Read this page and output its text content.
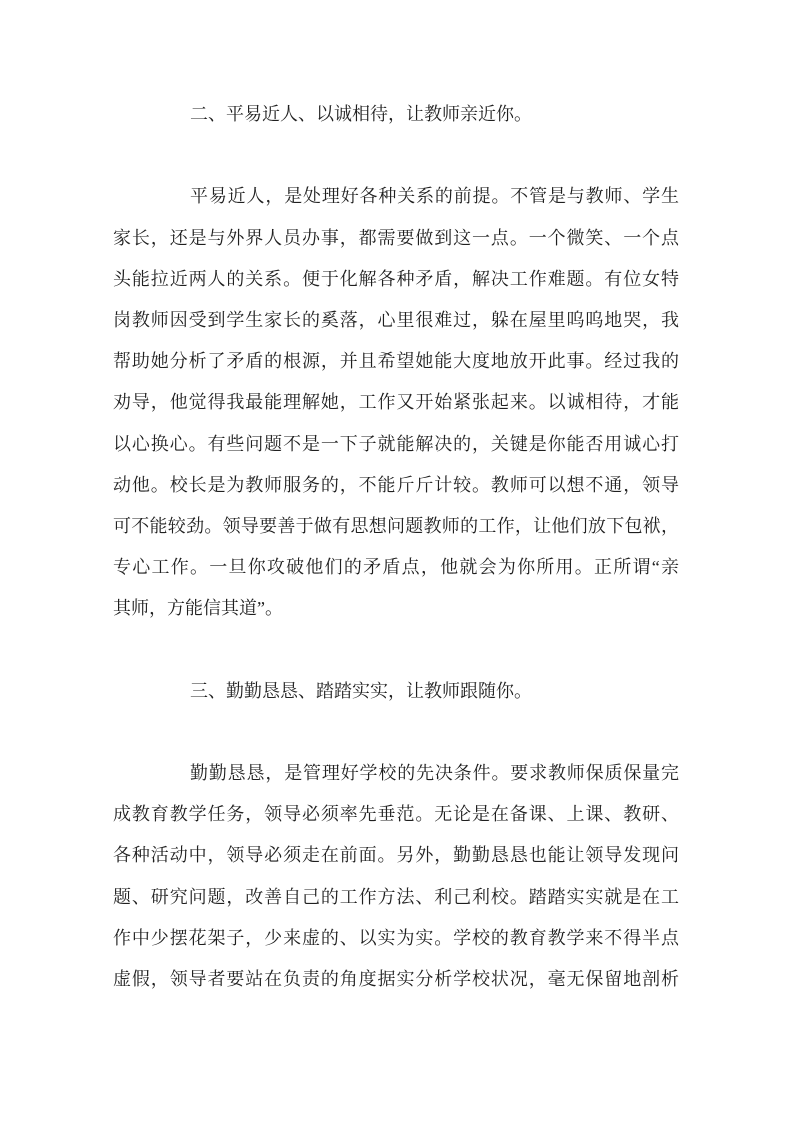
二、平易近人、以诚相待，让教师亲近你。
平易近人，是处理好各种关系的前提。不管是与教师、学生
家长，还是与外界人员办事，都需要做到这一点。一个微笑、一个点
头能拉近两人的关系。便于化解各种矛盾，解决工作难题。有位女特
岗教师因受到学生家长的奚落，心里很难过，躲在屋里呜呜地哭，我
帮助她分析了矛盾的根源，并且希望她能大度地放开此事。经过我的
劝导，他觉得我最能理解她，工作又开始紧张起来。以诚相待，才能
以心换心。有些问题不是一下子就能解决的，关键是你能否用诚心打
动他。校长是为教师服务的，不能斤斤计较。教师可以想不通，领导
可不能较劲。领导要善于做有思想问题教师的工作，让他们放下包袱，
专心工作。一旦你攻破他们的矛盾点，他就会为你所用。正所谓“亲
其师，方能信其道”。
三、勤勤恳恳、踏踏实实，让教师跟随你。
勤勤恳恳，是管理好学校的先决条件。要求教师保质保量完
成教育教学任务，领导必须率先垂范。无论是在备课、上课、教研、
各种活动中，领导必须走在前面。另外，勤勤恳恳也能让领导发现问
题、研究问题，改善自己的工作方法、利己利校。踏踏实实就是在工
作中少摆花架子，少来虚的、以实为实。学校的教育教学来不得半点
虚假，领导者要站在负责的角度据实分析学校状况，毫无保留地剖析
